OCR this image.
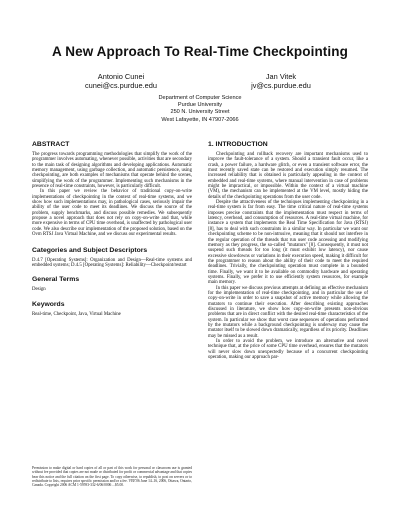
A New Approach To Real-Time Checkpointing
Antonio Cunei
cunei@cs.purdue.edu
Jan Vitek
jv@cs.purdue.edu
Department of Computer Science
Purdue University
250 N. University Street
West Lafayette, IN 47907-2066
ABSTRACT

The progress towards programming methodologies that simplify the work of the programmer involves automating, whenever possible, activities that are secondary to the main task of designing algorithms and developing applications. Automatic memory management, using garbage collection, and automatic persistence, using checkpointing, are both examples of mechanisms that operate behind the scenes, simplifying the work of the programmer. Implementing such mechanisms in the presence of real-time constraints, however, is particularly difficult.

In this paper we review the behavior of traditional copy-on-write implementations of checkpointing in the context of real-time systems, and we show how such implementations may, in pathological cases, seriously impair the ability of the user code to meet its deadlines. We discuss the source of the problem, supply benchmarks, and discuss possible remedies. We subsequently propose a novel approach that does not rely on copy-on-write and that, while more expensive in terms of CPU time overhead, is unaffected by pathological user code. We also describe our implementation of the proposed solution, based on the Ovm RTSJ Java Virtual Machine, and we discuss our experimental results.

Categories and Subject Descriptors

D.4.7 [Operating Systems]: Organization and Design—Real-time systems and embedded systems; D.4.5 [Operating Systems]: Reliability—Checkpoint/restart

General Terms

Design

Keywords

Real-time, Checkpoint, Java, Virtual Machine

Permission to make digital or hard copies of all or part of this work for personal or classroom use is granted without fee provided that copies are not made or distributed for profit or commercial advantage and that copies bear this notice and the full citation on the first page. To copy otherwise, to republish, to post on servers or to redistribute to lists, requires prior specific permission and/or a fee. VEE'06 June 14–16, 2006, Ottawa, Ontario, Canada. Copyright 2006 ACM 1-59593-332-6/06/0006 ...$5.00.
1. INTRODUCTION

Checkpointing and rollback recovery are important mechanisms used to improve the fault-tolerance of a system. Should a transient fault occur, like a crash, a power failure, a hardware glitch, or even a transient software error, the most recently saved state can be restored and execution simply resumed. The increased reliability that is obtained is particularly appealing in the context of embedded and real-time systems, where manual intervention in case of problems might be impractical, or impossible. Within the context of a virtual machine (VM), the mechanism can be implemented at the VM level, mostly hiding the details of the checkpointing operations from the user code.

Despite the attractiveness of the techniques implementing checkpointing in a real-time system is far from easy. The time critical nature of real-time systems imposes precise constraints that the implementation must respect in terms of latency, overhead, and consumption of resources. A real-time virtual machine, for instance a system that implements the Real Time Specification for Java (RTSJ) [8], has to deal with such constraints in a similar way. In particular we want our checkpointing scheme to be non-intrusive, meaning that it should not interfere in the regular operation of the threads that run user code accessing and modifying memory as they progress, the so-called "mutators" [8]. Consequently, it must not suspend such threads for too long (it must exhibit low latency), nor cause excessive slowdowns or variations in their execution speed, making it difficult for the programmer to reason about the ability of their code to meet the required deadlines. Trivially, the checkpointing operation must complete in a bounded time. Finally, we want it to be available on commodity hardware and operating systems. Finally, we prefer it to use efficiently system resources, for example main memory.

In this paper we discuss previous attempts at defining an effective mechanism for the implementation of real-time checkpointing, and in particular the use of copy-on-write in order to save a snapshot of active memory while allowing the mutators to continue their execution. After describing existing approaches discussed in literature, we show how copy-on-write presents non-obvious problems that are in direct conflict with the desired real-time characteristics of the system. In particular we show that worst case sequences of operations performed by the mutators while a background checkpointing is underway may cause the mutator itself to be slowed down dramatically, regardless of its priority. Deadlines may be missed as a result.

In order to avoid the problem, we introduce an alternative and novel technique that, at the price of some CPU time overhead, ensures that the mutators will never slow down unexpectedly because of a concurrent checkpointing operation, making our approach par-
